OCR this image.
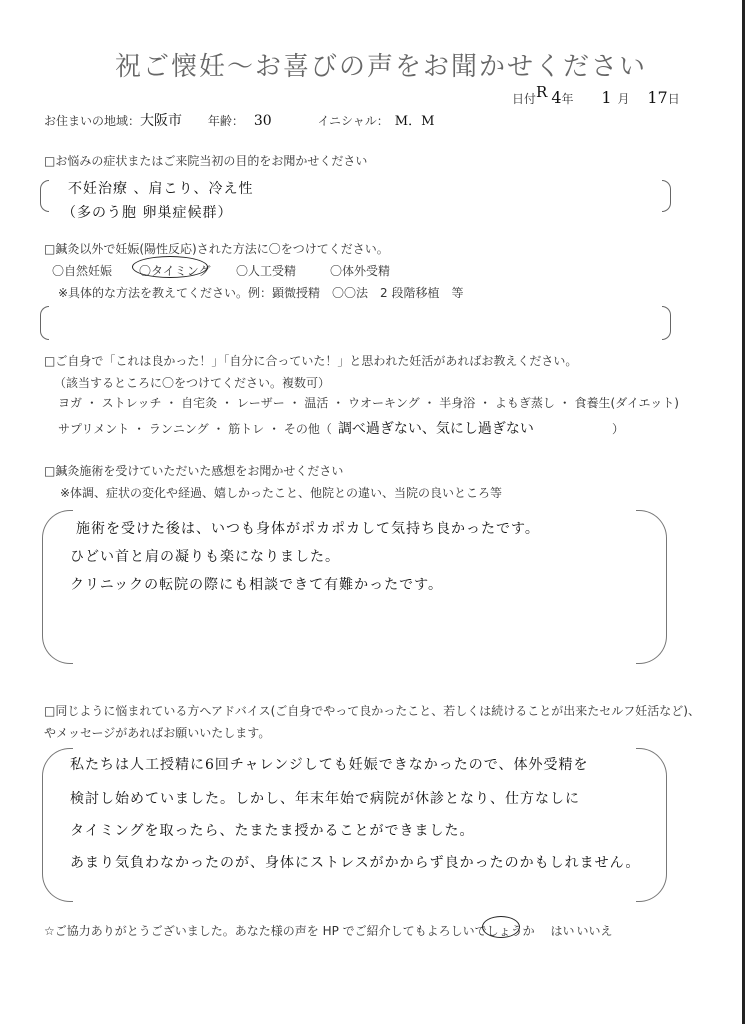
祝ご懐妊～お喜びの声をお聞かせください
日付R 4年 1 月 17日
お住まいの地域：大阪市 年齢： 30	イニシャル： M．M
□お悩みの症状またはご来院当初の目的をお聞かせください
不妊治療 、肩こり、冷え性
（多のう胞 卵巣症候群）
□鍼灸以外で妊娠(陽性反応)された方法に〇をつけてください。
〇自然妊娠 〇タイミング 〇人工受精	〇体外受精
※具体的な方法を教えてください。例：顕微授精　〇〇法　2 段階移植　等
□ご自身で「これは良かった！」「自分に合っていた！」と思われた妊活があればお教えください。
（該当するところに〇をつけてください。複数可）
ヨガ ・ ストレッチ ・ 自宅灸 ・ レーザー ・ 温活 ・ ウオーキング ・ 半身浴 ・ よもぎ蒸し ・ 食養生(ダイエット)
サプリメント ・ ランニング ・ 筋トレ ・ その他（ 調べ過ぎない、気にし過ぎない	）
□鍼灸施術を受けていただいた感想をお聞かせください
※体調、症状の変化や経過、嬉しかったこと、他院との違い、当院の良いところ等
施術を受けた後は、いつも身体がポカポカして気持ち良かったです。
ひどい首と肩の凝りも楽になりました。
クリニックの転院の際にも相談できて有難かったです。
□同じように悩まれている方へアドバイス(ご自身でやって良かったこと、若しくは続けることが出来たセルフ妊活など)、
やメッセージがあればお願いいたします。
私たちは人工授精に6回チャレンジしても妊娠できなかったので、体外受精を
検討し始めていました。しかし、年末年始で病院が休診となり、仕方なしに
タイミングを取ったら、たまたま授かることができました。
あまり気負わなかったのが、身体にストレスがかからず良かったのかもしれません。
☆ご協力ありがとうございました。あなた様の声を HP でご紹介してもよろしいでしょうか はい いいえ
